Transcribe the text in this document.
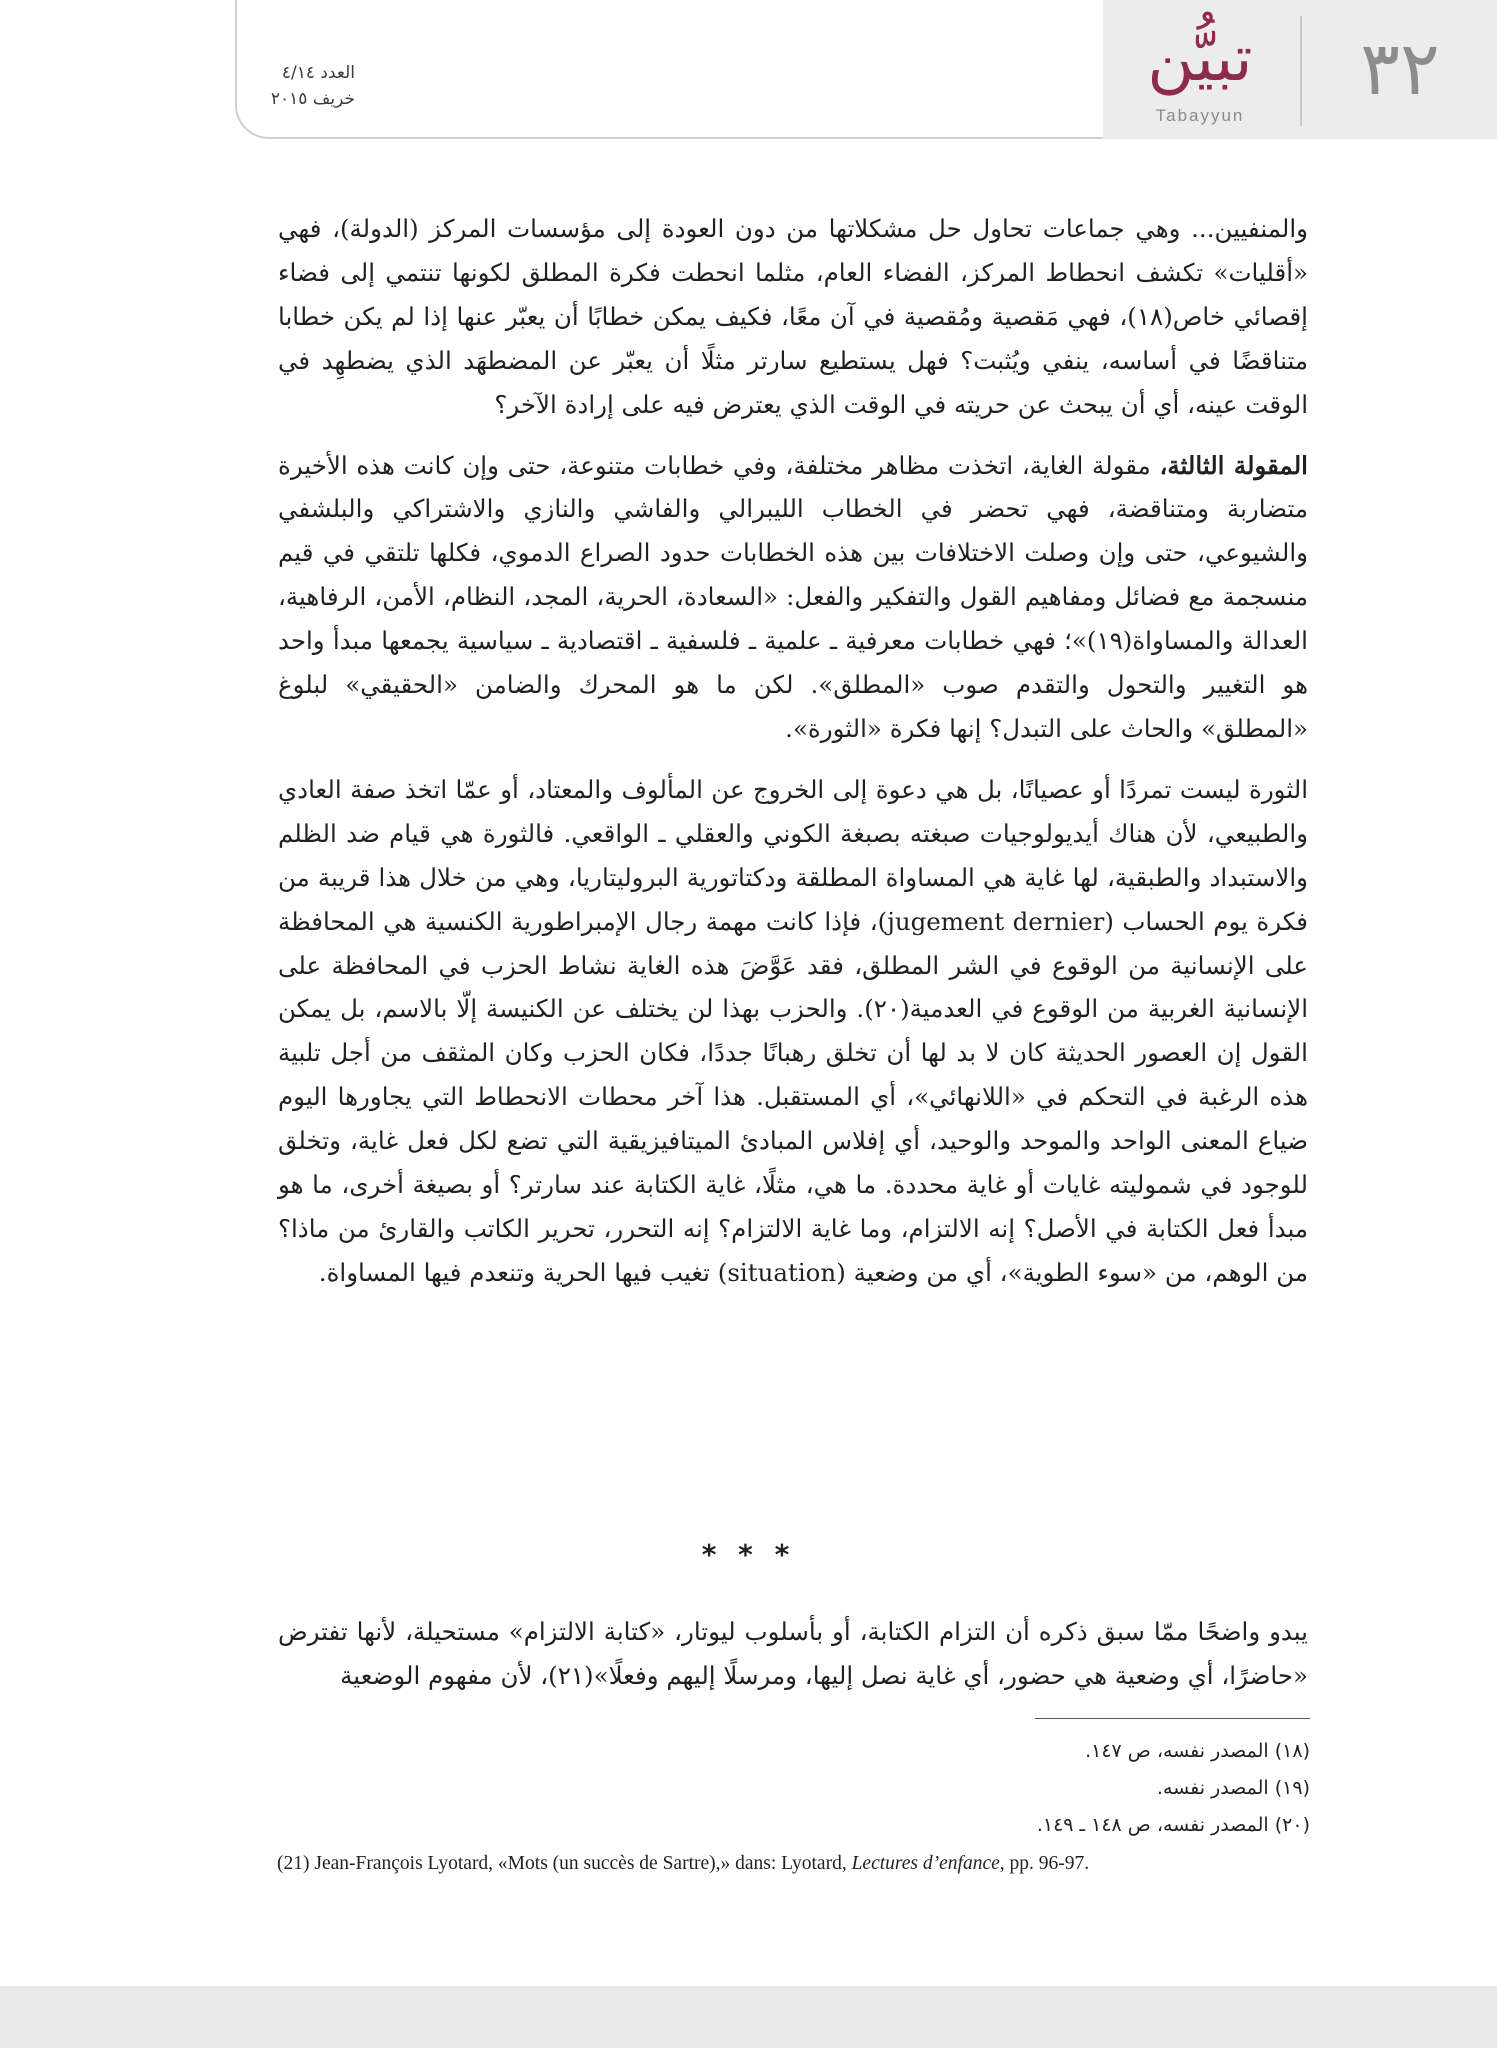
٣٢
تبيُّن
Tabayyun
العدد ٤/١٤
خريف ٢٠١٥

والمنفيين... وهي جماعات تحاول حل مشكلاتها من دون العودة إلى مؤسسات المركز (الدولة)، فهي «أقليات» تكشف انحطاط المركز، الفضاء العام، مثلما انحطت فكرة المطلق لكونها تنتمي إلى فضاء إقصائي خاص(١٨)، فهي مَقصية ومُقصية في آن معًا، فكيف يمكن خطابًا أن يعبّر عنها إذا لم يكن خطابا متناقضًا في أساسه، ينفي ويُثبت؟ فهل يستطيع سارتر مثلًا أن يعبّر عن المضطهَد الذي يضطهِد في الوقت عينه، أي أن يبحث عن حريته في الوقت الذي يعترض فيه على إرادة الآخر؟

المقولة الثالثة، مقولة الغاية، اتخذت مظاهر مختلفة، وفي خطابات متنوعة، حتى وإن كانت هذه الأخيرة متضاربة ومتناقضة، فهي تحضر في الخطاب الليبرالي والفاشي والنازي والاشتراكي والبلشفي والشيوعي، حتى وإن وصلت الاختلافات بين هذه الخطابات حدود الصراع الدموي، فكلها تلتقي في قيم منسجمة مع فضائل ومفاهيم القول والتفكير والفعل: «السعادة، الحرية، المجد، النظام، الأمن، الرفاهية، العدالة والمساواة(١٩)»؛ فهي خطابات معرفية ـ علمية ـ فلسفية ـ اقتصادية ـ سياسية يجمعها مبدأ واحد هو التغيير والتحول والتقدم صوب «المطلق». لكن ما هو المحرك والضامن «الحقيقي» لبلوغ «المطلق» والحاث على التبدل؟ إنها فكرة «الثورة».

الثورة ليست تمردًا أو عصيانًا، بل هي دعوة إلى الخروج عن المألوف والمعتاد، أو عمّا اتخذ صفة العادي والطبيعي، لأن هناك أيديولوجيات صبغته بصبغة الكوني والعقلي ـ الواقعي. فالثورة هي قيام ضد الظلم والاستبداد والطبقية، لها غاية هي المساواة المطلقة ودكتاتورية البروليتاريا، وهي من خلال هذا قريبة من فكرة يوم الحساب (jugement dernier)، فإذا كانت مهمة رجال الإمبراطورية الكنسية هي المحافظة على الإنسانية من الوقوع في الشر المطلق، فقد عَوَّضَ هذه الغاية نشاط الحزب في المحافظة على الإنسانية الغربية من الوقوع في العدمية(٢٠). والحزب بهذا لن يختلف عن الكنيسة إلّا بالاسم، بل يمكن القول إن العصور الحديثة كان لا بد لها أن تخلق رهبانًا جددًا، فكان الحزب وكان المثقف من أجل تلبية هذه الرغبة في التحكم في «اللانهائي»، أي المستقبل. هذا آخر محطات الانحطاط التي يجاورها اليوم ضياع المعنى الواحد والموحد والوحيد، أي إفلاس المبادئ الميتافيزيقية التي تضع لكل فعل غاية، وتخلق للوجود في شموليته غايات أو غاية محددة. ما هي، مثلًا، غاية الكتابة عند سارتر؟ أو بصيغة أخرى، ما هو مبدأ فعل الكتابة في الأصل؟ إنه الالتزام، وما غاية الالتزام؟ إنه التحرر، تحرير الكاتب والقارئ من ماذا؟ من الوهم، من «سوء الطوية»، أي من وضعية (situation) تغيب فيها الحرية وتنعدم فيها المساواة.

* * *
يبدو واضحًا ممّا سبق ذكره أن التزام الكتابة، أو بأسلوب ليوتار، «كتابة الالتزام» مستحيلة، لأنها تفترض «حاضرًا، أي وضعية هي حضور، أي غاية نصل إليها، ومرسلًا إليهم وفعلًا»(٢١)، لأن مفهوم الوضعية
(١٨) المصدر نفسه، ص ١٤٧.
(١٩) المصدر نفسه.
(٢٠) المصدر نفسه، ص ١٤٨ ـ ١٤٩.
(21) Jean-François Lyotard, «Mots (un succès de Sartre),» dans: Lyotard, Lectures d’enfance, pp. 96-97.
